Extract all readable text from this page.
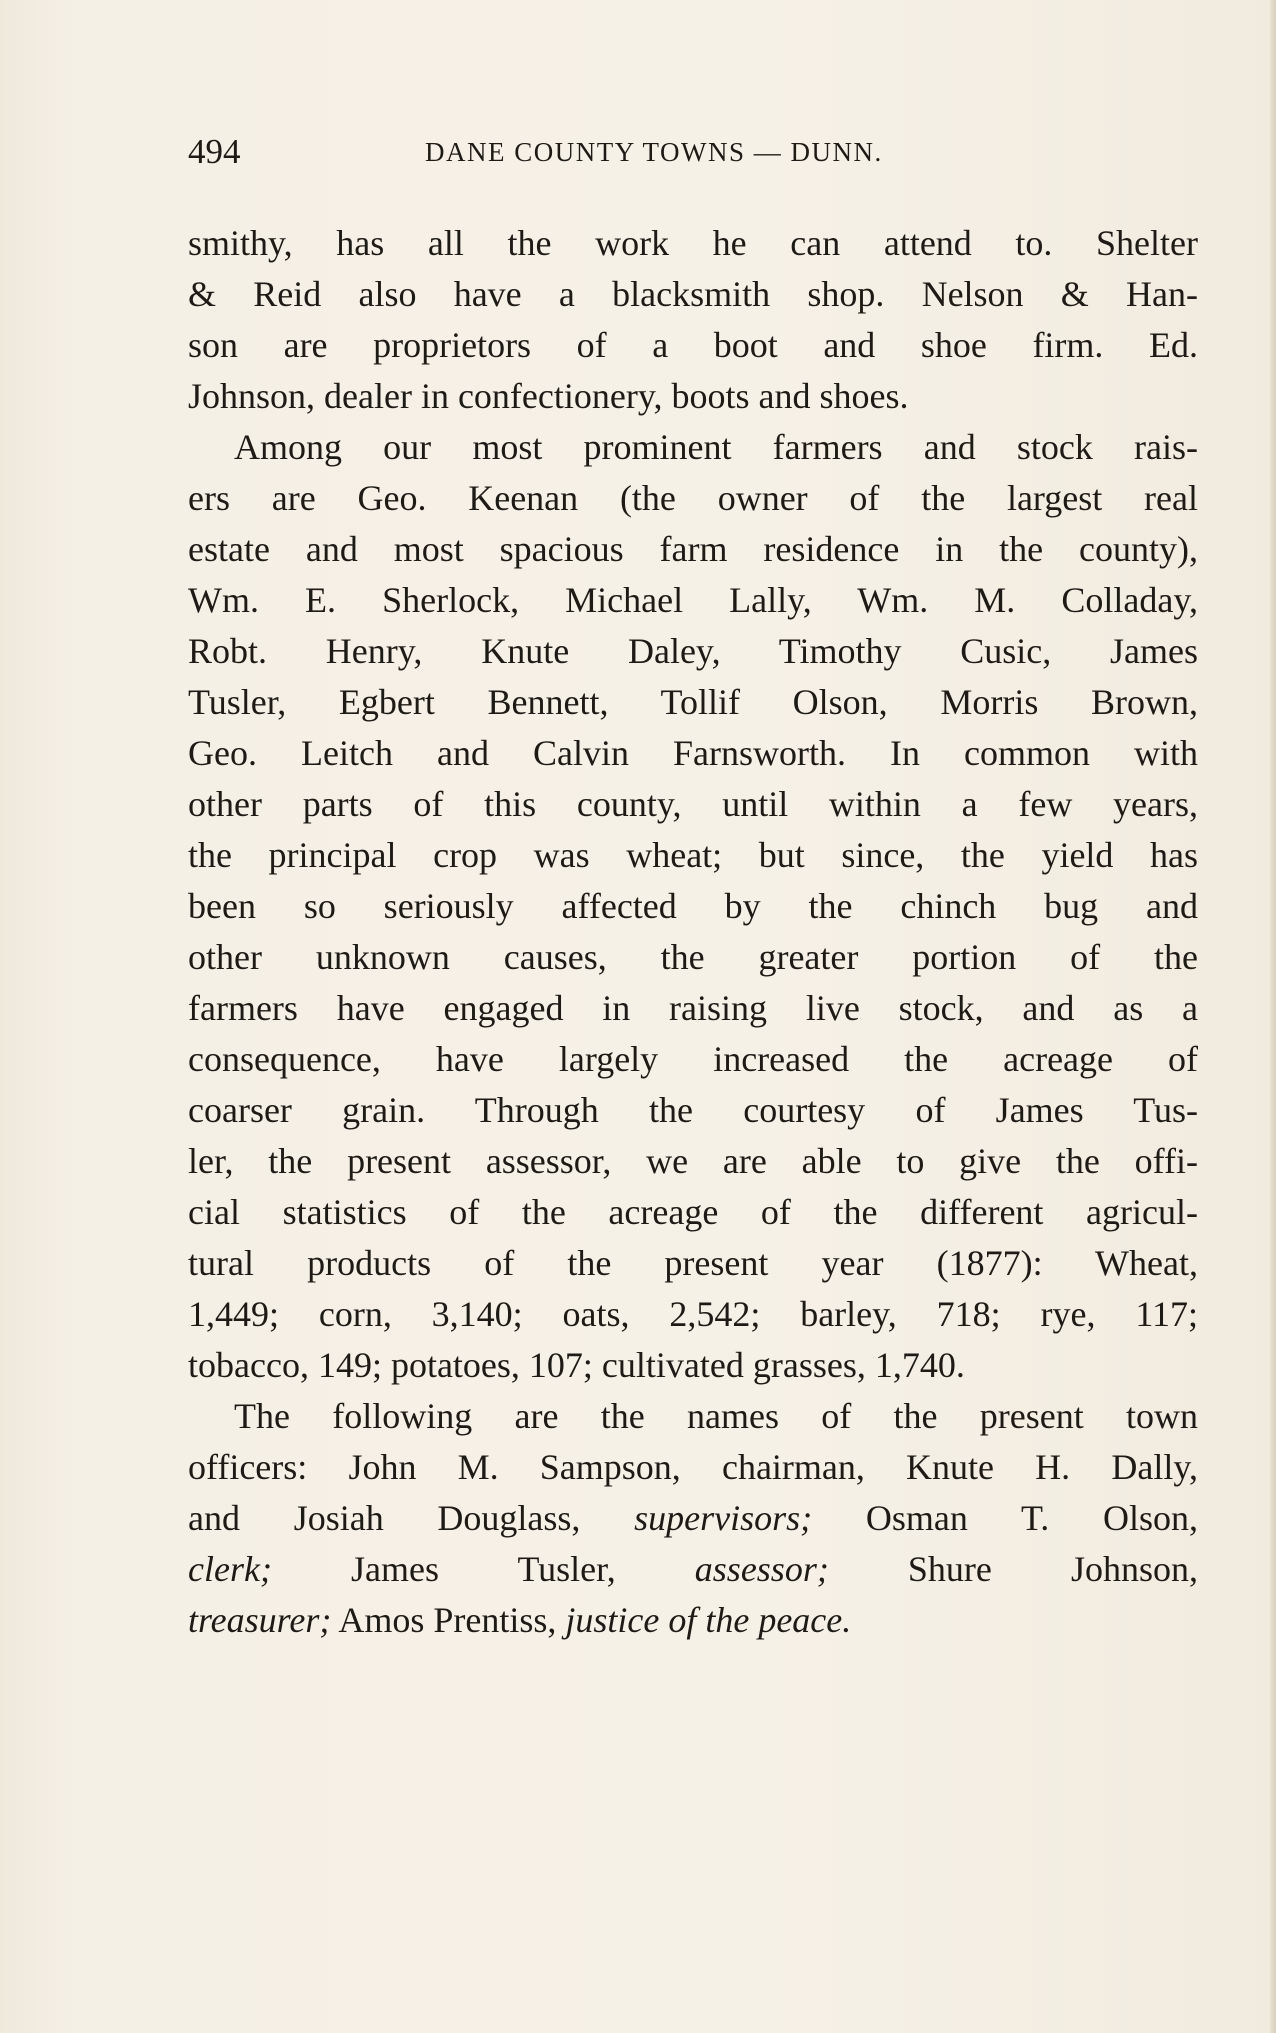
494	DANE COUNTY TOWNS — DUNN.
smithy, has all the work he can attend to. Shelter
& Reid also have a blacksmith shop. Nelson & Han-
son are proprietors of a boot and shoe firm. Ed.
Johnson, dealer in confectionery, boots and shoes.
Among our most prominent farmers and stock rais-
ers are Geo. Keenan (the owner of the largest real
estate and most spacious farm residence in the county),
Wm. E. Sherlock, Michael Lally, Wm. M. Colladay,
Robt. Henry, Knute Daley, Timothy Cusic, James
Tusler, Egbert Bennett, Tollif Olson, Morris Brown,
Geo. Leitch and Calvin Farnsworth. In common with
other parts of this county, until within a few years,
the principal crop was wheat; but since, the yield has
been so seriously affected by the chinch bug and
other unknown causes, the greater portion of the
farmers have engaged in raising live stock, and as a
consequence, have largely increased the acreage of
coarser grain. Through the courtesy of James Tus-
ler, the present assessor, we are able to give the offi-
cial statistics of the acreage of the different agricul-
tural products of the present year (1877): Wheat,
1,449; corn, 3,140; oats, 2,542; barley, 718; rye, 117;
tobacco, 149; potatoes, 107; cultivated grasses, 1,740.
The following are the names of the present town
officers: John M. Sampson, chairman, Knute H. Dally,
and Josiah Douglass, supervisors; Osman T. Olson,
clerk; James Tusler, assessor; Shure Johnson,
treasurer; Amos Prentiss, justice of the peace.
